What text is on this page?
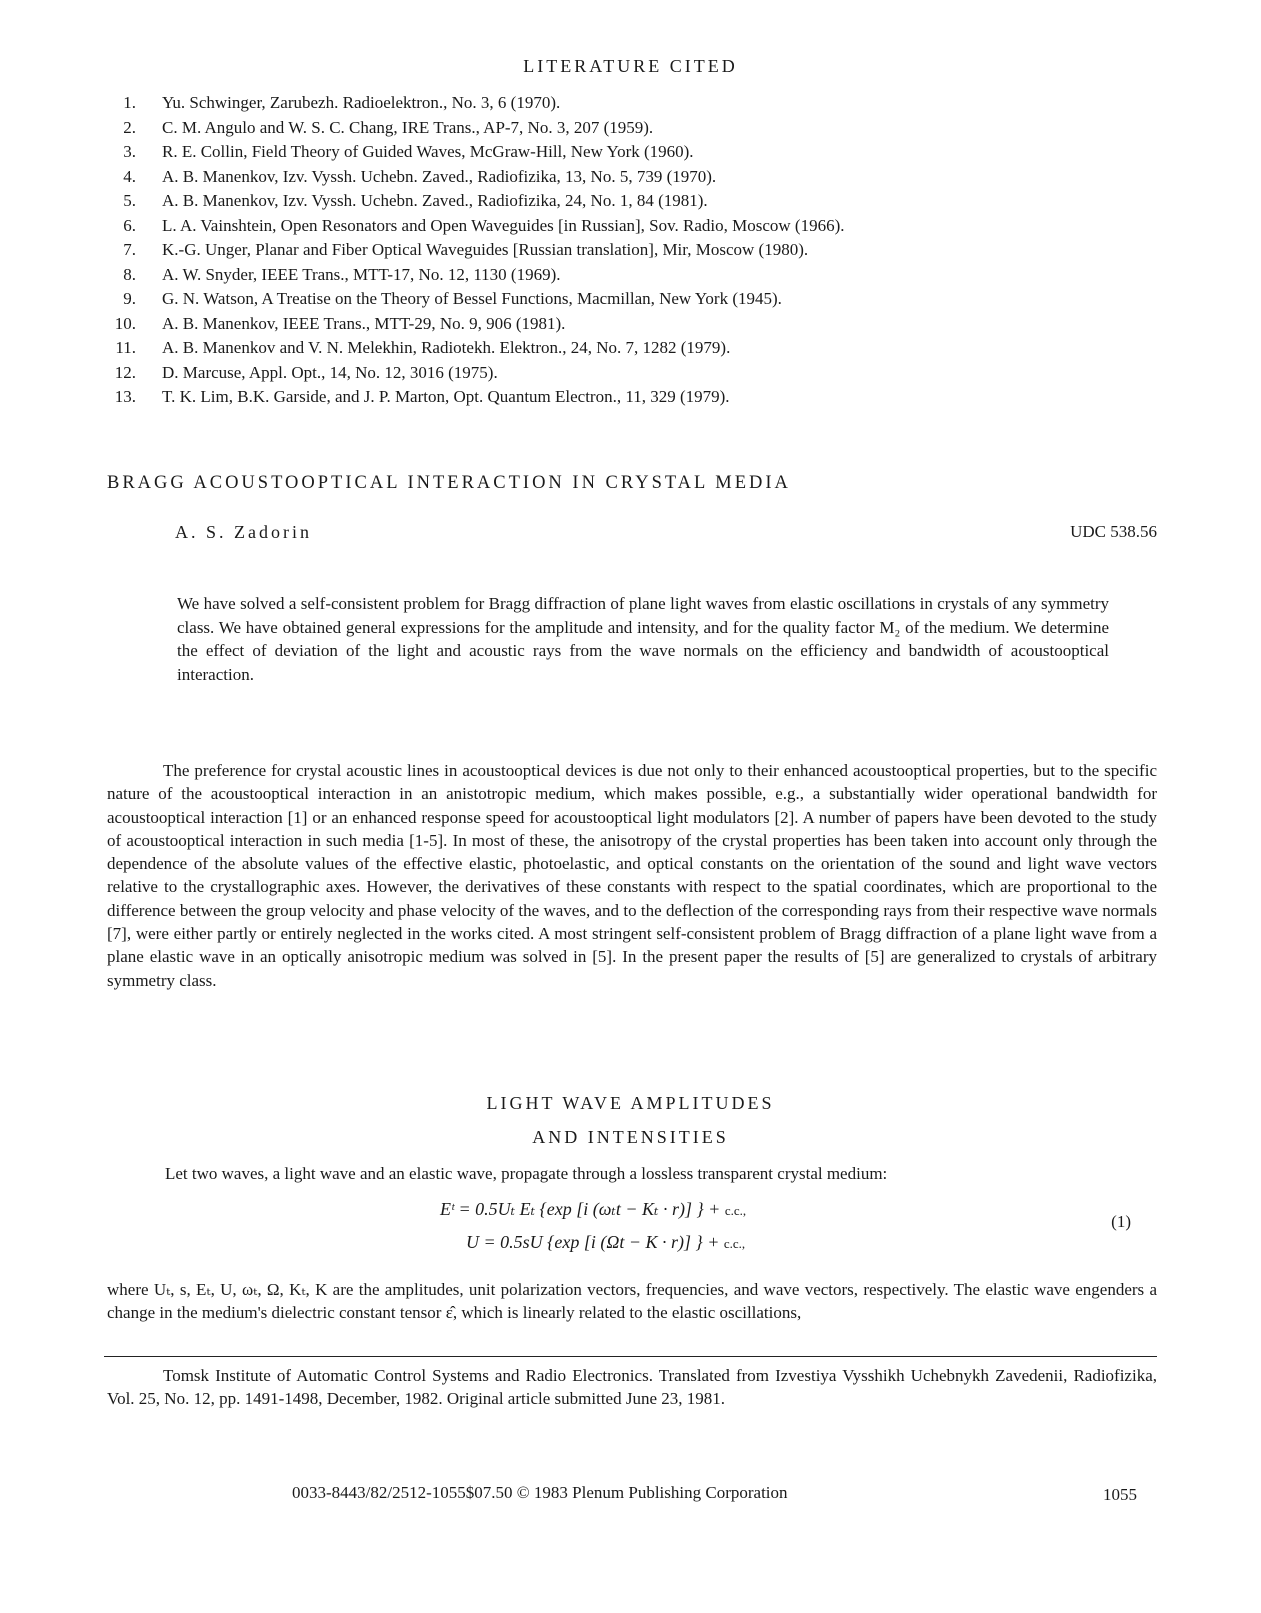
LITERATURE CITED
1. Yu. Schwinger, Zarubezh. Radioelektron., No. 3, 6 (1970).
2. C. M. Angulo and W. S. C. Chang, IRE Trans., AP-7, No. 3, 207 (1959).
3. R. E. Collin, Field Theory of Guided Waves, McGraw-Hill, New York (1960).
4. A. B. Manenkov, Izv. Vyssh. Uchebn. Zaved., Radiofizika, 13, No. 5, 739 (1970).
5. A. B. Manenkov, Izv. Vyssh. Uchebn. Zaved., Radiofizika, 24, No. 1, 84 (1981).
6. L. A. Vainshtein, Open Resonators and Open Waveguides [in Russian], Sov. Radio, Moscow (1966).
7. K.-G. Unger, Planar and Fiber Optical Waveguides [Russian translation], Mir, Moscow (1980).
8. A. W. Snyder, IEEE Trans., MTT-17, No. 12, 1130 (1969).
9. G. N. Watson, A Treatise on the Theory of Bessel Functions, Macmillan, New York (1945).
10. A. B. Manenkov, IEEE Trans., MTT-29, No. 9, 906 (1981).
11. A. B. Manenkov and V. N. Melekhin, Radiotekh. Elektron., 24, No. 7, 1282 (1979).
12. D. Marcuse, Appl. Opt., 14, No. 12, 3016 (1975).
13. T. K. Lim, B.K. Garside, and J. P. Marton, Opt. Quantum Electron., 11, 329 (1979).
BRAGG ACOUSTOOPTICAL INTERACTION IN CRYSTAL MEDIA
A. S. Zadorin	UDC 538.56

We have solved a self-consistent problem for Bragg diffraction of plane light waves from elastic oscillations in crystals of any symmetry class. We have obtained general expressions for the amplitude and intensity, and for the quality factor M₂ of the medium. We determine the effect of deviation of the light and acoustic rays from the wave normals on the efficiency and bandwidth of acoustooptical interaction.

The preference for crystal acoustic lines in acoustooptical devices is due not only to their enhanced acoustooptical properties, but to the specific nature of the acoustooptical interaction in an anistotropic medium, which makes possible, e.g., a substantially wider operational bandwidth for acoustooptical interaction [1] or an enhanced response speed for acoustooptical light modulators [2]. A number of papers have been devoted to the study of acoustooptical interaction in such media [1-5]. In most of these, the anisotropy of the crystal properties has been taken into account only through the dependence of the absolute values of the effective elastic, photoelastic, and optical constants on the orientation of the sound and light wave vectors relative to the crystallographic axes. However, the derivatives of these constants with respect to the spatial coordinates, which are proportional to the difference between the group velocity and phase velocity of the waves, and to the deflection of the corresponding rays from their respective wave normals [7], were either partly or entirely neglected in the works cited. A most stringent self-consistent problem of Bragg diffraction of a plane light wave from a plane elastic wave in an optically anisotropic medium was solved in [5]. In the present paper the results of [5] are generalized to crystals of arbitrary symmetry class.

LIGHT WAVE AMPLITUDES
AND INTENSITIES
Let two waves, a light wave and an elastic wave, propagate through a lossless transparent crystal medium:
Eᵗ = 0.5Uₜ Eₜ {exp [i (ωₜt − Kₜ · r)] } + c.c.,
U = 0.5sU {exp [i (Ωt − K · r)] } + c.c.,
(1)

where Uₜ, s, Eₜ, U, ωₜ, Ω, Kₜ, K are the amplitudes, unit polarization vectors, frequencies, and wave vectors, respectively. The elastic wave engenders a change in the medium's dielectric constant tensor ε̂, which is linearly related to the elastic oscillations,

Tomsk Institute of Automatic Control Systems and Radio Electronics. Translated from Izvestiya Vysshikh Uchebnykh Zavedenii, Radiofizika, Vol. 25, No. 12, pp. 1491-1498, December, 1982. Original article submitted June 23, 1981.

0033-8443/82/2512-1055$07.50 © 1983 Plenum Publishing Corporation	1055
